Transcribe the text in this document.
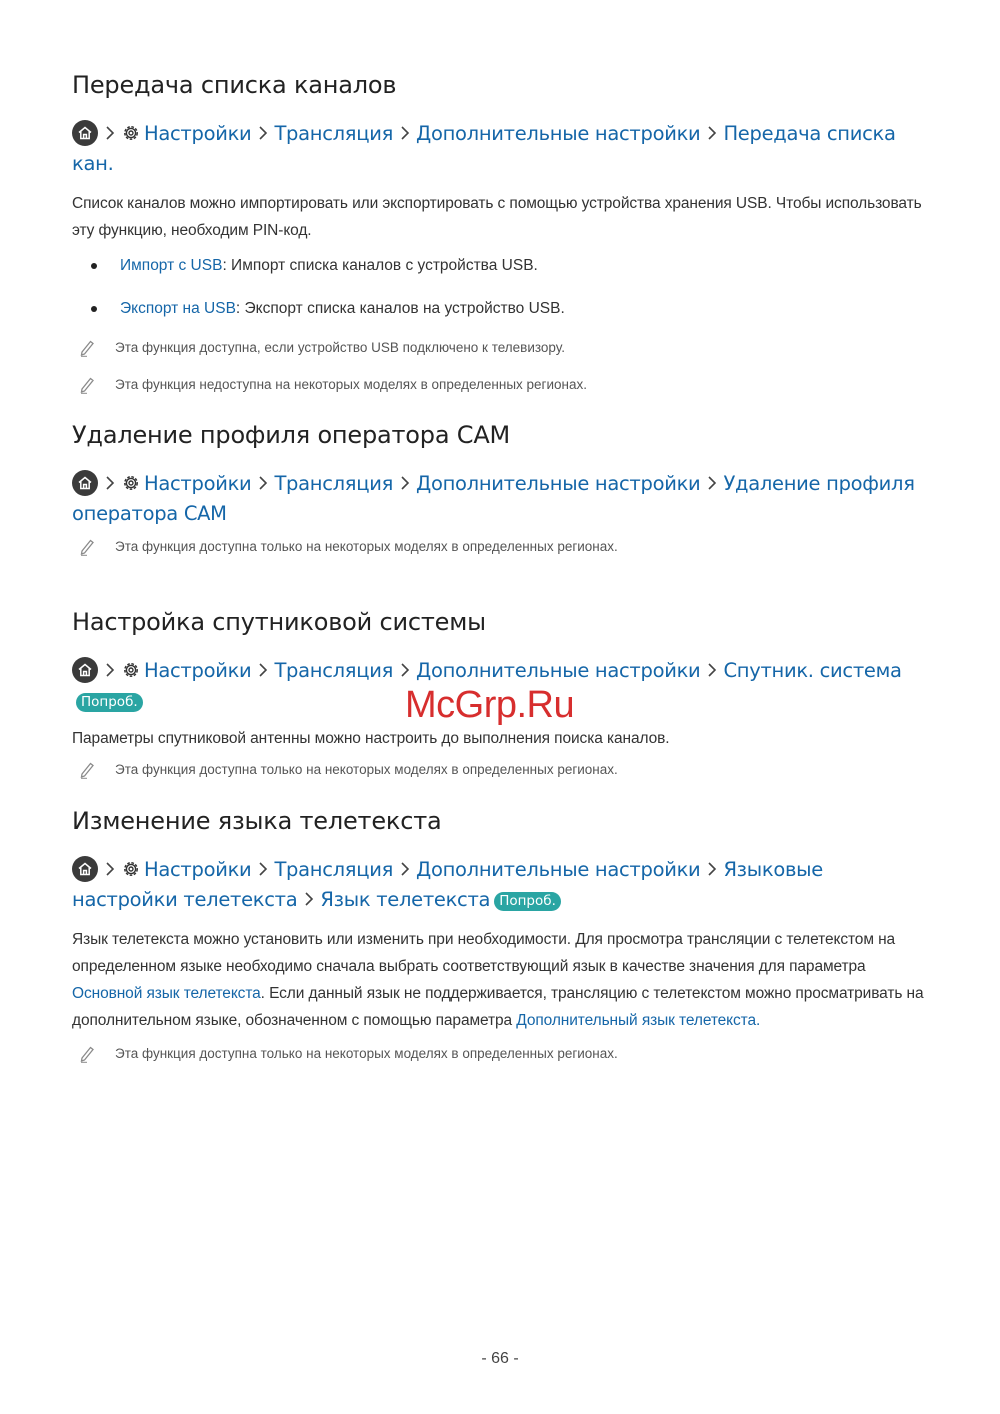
Передача списка каналов
Настройки Трансляция Дополнительные настройки Передача списка кан.
Список каналов можно импортировать или экспортировать с помощью устройства хранения USB. Чтобы использовать эту функцию, необходим PIN-код.
Импорт с USB: Импорт списка каналов с устройства USB.
Экспорт на USB: Экспорт списка каналов на устройство USB.
Эта функция доступна, если устройство USB подключено к телевизору.
Эта функция недоступна на некоторых моделях в определенных регионах.
Удаление профиля оператора CAM
Настройки Трансляция Дополнительные настройки Удаление профиля оператора CAM
Эта функция доступна только на некоторых моделях в определенных регионах.
Настройка спутниковой системы
Настройки Трансляция Дополнительные настройки Спутник. системаПопроб.
Параметры спутниковой антенны можно настроить до выполнения поиска каналов.
Эта функция доступна только на некоторых моделях в определенных регионах.
Изменение языка телетекста
Настройки Трансляция Дополнительные настройки Языковые настройки телетекста Язык телетекста Попроб.
Язык телетекста можно установить или изменить при необходимости. Для просмотра трансляции с телетекстом на определенном языке необходимо сначала выбрать соответствующий язык в качестве значения для параметра Основной язык телетекста. Если данный язык не поддерживается, трансляцию с телетекстом можно просматривать на дополнительном языке, обозначенном с помощью параметра Дополнительный язык телетекста.
Эта функция доступна только на некоторых моделях в определенных регионах.
McGrp.Ru
- 66 -
